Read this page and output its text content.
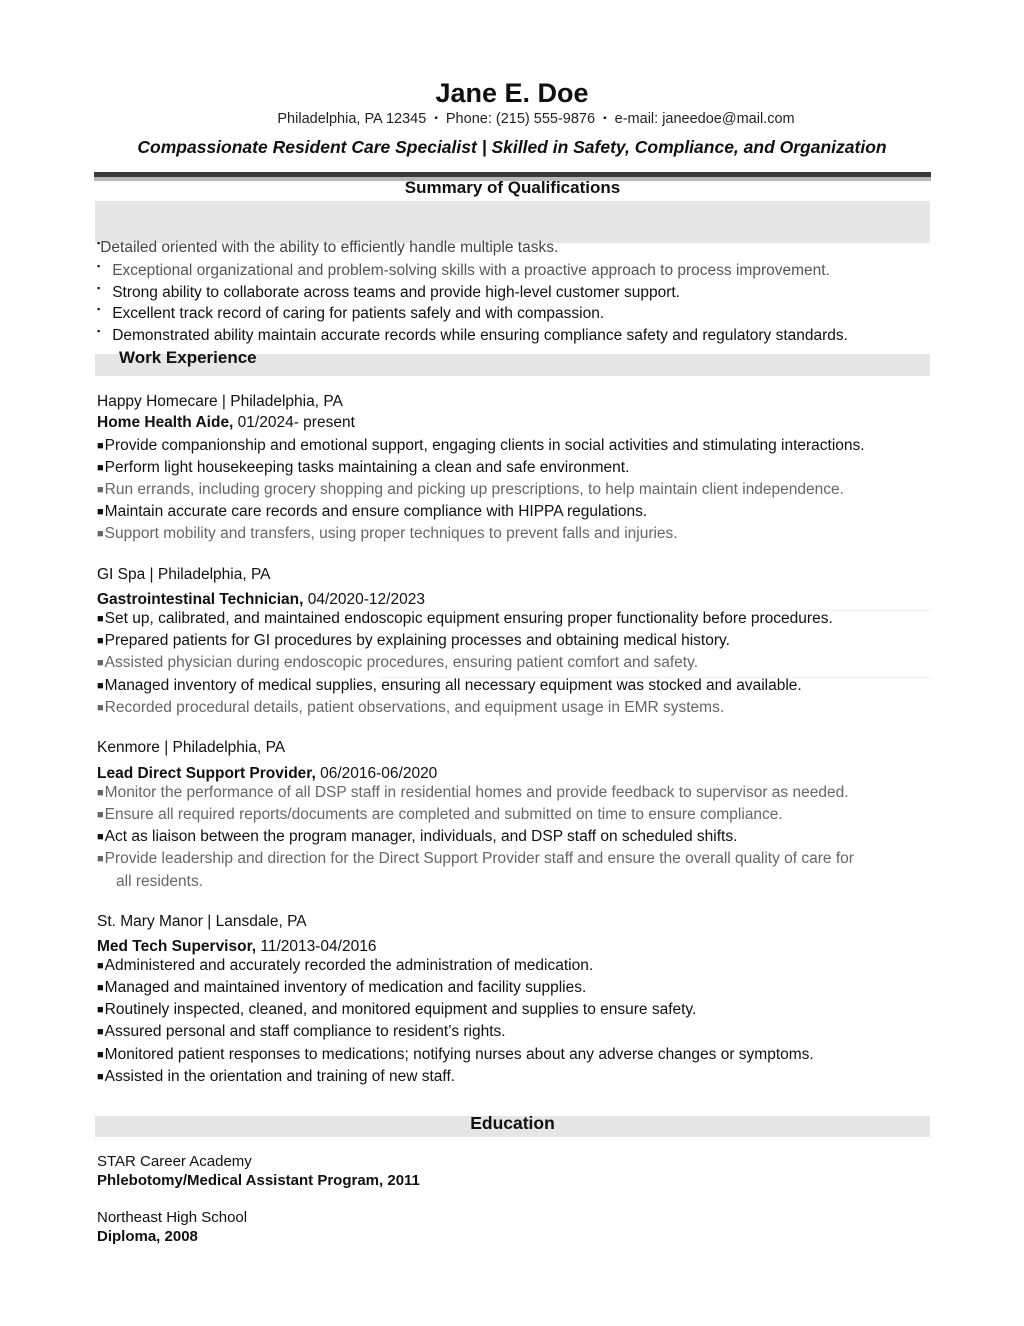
Jane E. Doe
Philadelphia, PA 12345 ▪ Phone: (215) 555-9876 ▪ e-mail: janeedoe@mail.com
Compassionate Resident Care Specialist | Skilled in Safety, Compliance, and Organization
Summary of Qualifications
▪Detailed oriented with the ability to efficiently handle multiple tasks.
▪ Exceptional organizational and problem-solving skills with a proactive approach to process improvement.
▪ Strong ability to collaborate across teams and provide high-level customer support.
▪ Excellent track record of caring for patients safely and with compassion.
▪ Demonstrated ability maintain accurate records while ensuring compliance safety and regulatory standards.
Work Experience
Happy Homecare | Philadelphia, PA
Home Health Aide, 01/2024- present
■Provide companionship and emotional support, engaging clients in social activities and stimulating interactions.
■Perform light housekeeping tasks maintaining a clean and safe environment.
■Run errands, including grocery shopping and picking up prescriptions, to help maintain client independence.
■Maintain accurate care records and ensure compliance with HIPPA regulations.
■Support mobility and transfers, using proper techniques to prevent falls and injuries.
GI Spa | Philadelphia, PA
Gastrointestinal Technician, 04/2020-12/2023
■Set up, calibrated, and maintained endoscopic equipment ensuring proper functionality before procedures.
■Prepared patients for GI procedures by explaining processes and obtaining medical history.
■Assisted physician during endoscopic procedures, ensuring patient comfort and safety.
■Managed inventory of medical supplies, ensuring all necessary equipment was stocked and available.
■Recorded procedural details, patient observations, and equipment usage in EMR systems.
Kenmore | Philadelphia, PA
Lead Direct Support Provider, 06/2016-06/2020
■Monitor the performance of all DSP staff in residential homes and provide feedback to supervisor as needed.
■Ensure all required reports/documents are completed and submitted on time to ensure compliance.
■Act as liaison between the program manager, individuals, and DSP staff on scheduled shifts.
■Provide leadership and direction for the Direct Support Provider staff and ensure the overall quality of care for
all residents.
St. Mary Manor | Lansdale, PA
Med Tech Supervisor, 11/2013-04/2016
■Administered and accurately recorded the administration of medication.
■Managed and maintained inventory of medication and facility supplies.
■Routinely inspected, cleaned, and monitored equipment and supplies to ensure safety.
■Assured personal and staff compliance to resident’s rights.
■Monitored patient responses to medications; notifying nurses about any adverse changes or symptoms.
■Assisted in the orientation and training of new staff.
Education
STAR Career Academy
Phlebotomy/Medical Assistant Program, 2011
Northeast High School
Diploma, 2008
